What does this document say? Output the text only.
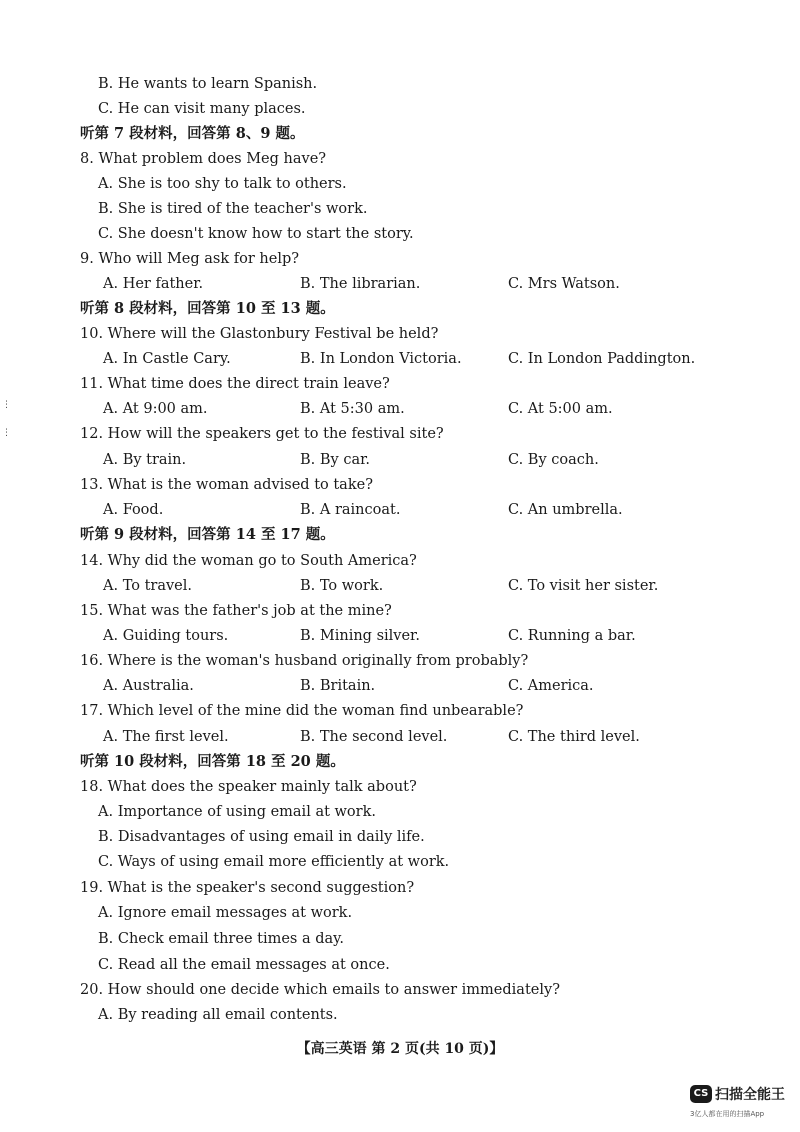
B. He wants to learn Spanish.
C. He can visit many places.
听第 7 段材料，回答第 8、9 题。
8. What problem does Meg have?
A. She is too shy to talk to others.
B. She is tired of the teacher's work.
C. She doesn't know how to start the story.
9. Who will Meg ask for help?
A. Her father.	B. The librarian.	C. Mrs Watson.
听第 8 段材料，回答第 10 至 13 题。
10. Where will the Glastonbury Festival be held?
A. In Castle Cary.	B. In London Victoria.	C. In London Paddington.
11. What time does the direct train leave?
A. At 9:00 am.	B. At 5:30 am.	C. At 5:00 am.
12. How will the speakers get to the festival site?
A. By train.	B. By car.	C. By coach.
13. What is the woman advised to take?
A. Food.	B. A raincoat.	C. An umbrella.
听第 9 段材料，回答第 14 至 17 题。
14. Why did the woman go to South America?
A. To travel.	B. To work.	C. To visit her sister.
15. What was the father's job at the mine?
A. Guiding tours.	B. Mining silver.	C. Running a bar.
16. Where is the woman's husband originally from probably?
A. Australia.	B. Britain.	C. America.
17. Which level of the mine did the woman find unbearable?
A. The first level.	B. The second level.	C. The third level.
听第 10 段材料，回答第 18 至 20 题。
18. What does the speaker mainly talk about?
A. Importance of using email at work.
B. Disadvantages of using email in daily life.
C. Ways of using email more efficiently at work.
19. What is the speaker's second suggestion?
A. Ignore email messages at work.
B. Check email three times a day.
C. Read all the email messages at once.
20. How should one decide which emails to answer immediately?
A. By reading all email contents.
【高三英语 第 2 页(共 10 页)】
⋮
⋮
CS 扫描全能王
3亿人都在用的扫描App
